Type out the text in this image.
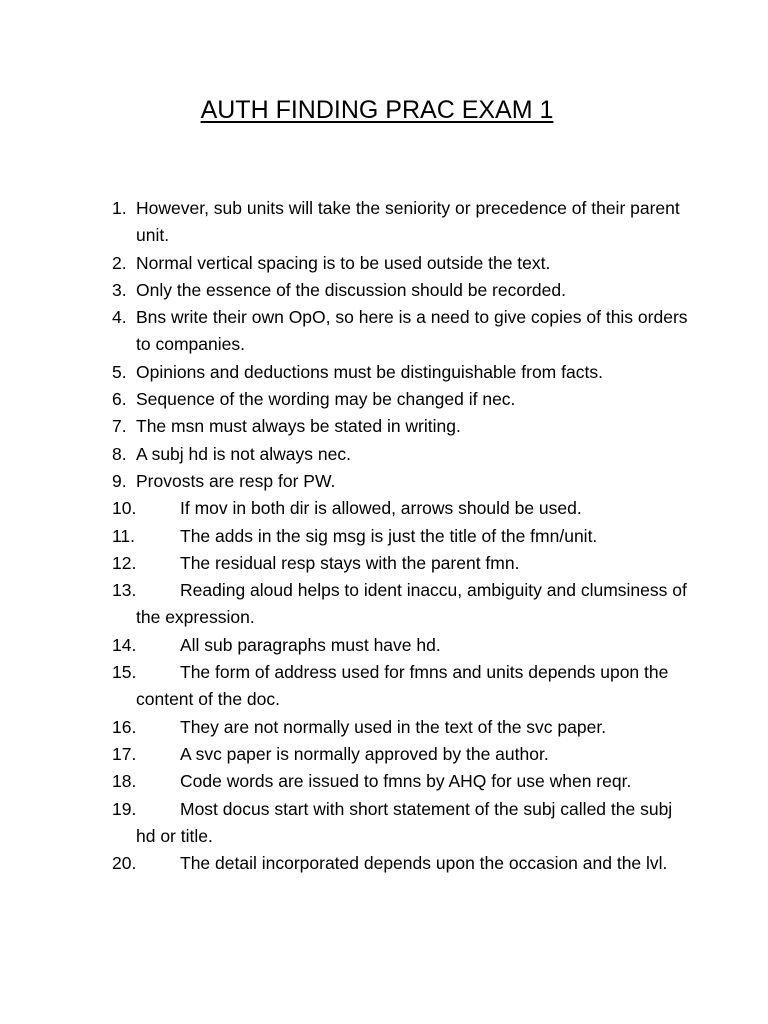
AUTH FINDING PRAC EXAM 1
1. However, sub units will take the seniority or precedence of their parent unit.
2. Normal vertical spacing is to be used outside the text.
3. Only the essence of the discussion should be recorded.
4. Bns write their own OpO, so here is a need to give copies of this orders to companies.
5. Opinions and deductions must be distinguishable from facts.
6. Sequence of the wording may be changed if nec.
7. The msn must always be stated in writing.
8. A subj hd is not always nec.
9. Provosts are resp for PW.
10. If mov in both dir is allowed, arrows should be used.
11.	The adds in the sig msg is just the title of the fmn/unit.
12. The residual resp stays with the parent fmn.
13. Reading aloud helps to ident inaccu, ambiguity and clumsiness of the expression.
14. All sub paragraphs must have hd.
15. The form of address used for fmns and units depends upon the content of the doc.
16. They are not normally used in the text of the svc paper.
17. A svc paper is normally approved by the author.
18. Code words are issued to fmns by AHQ for use when reqr.
19. Most docus start with short statement of the subj called the subj hd or title.
20. The detail incorporated depends upon the occasion and the lvl.
